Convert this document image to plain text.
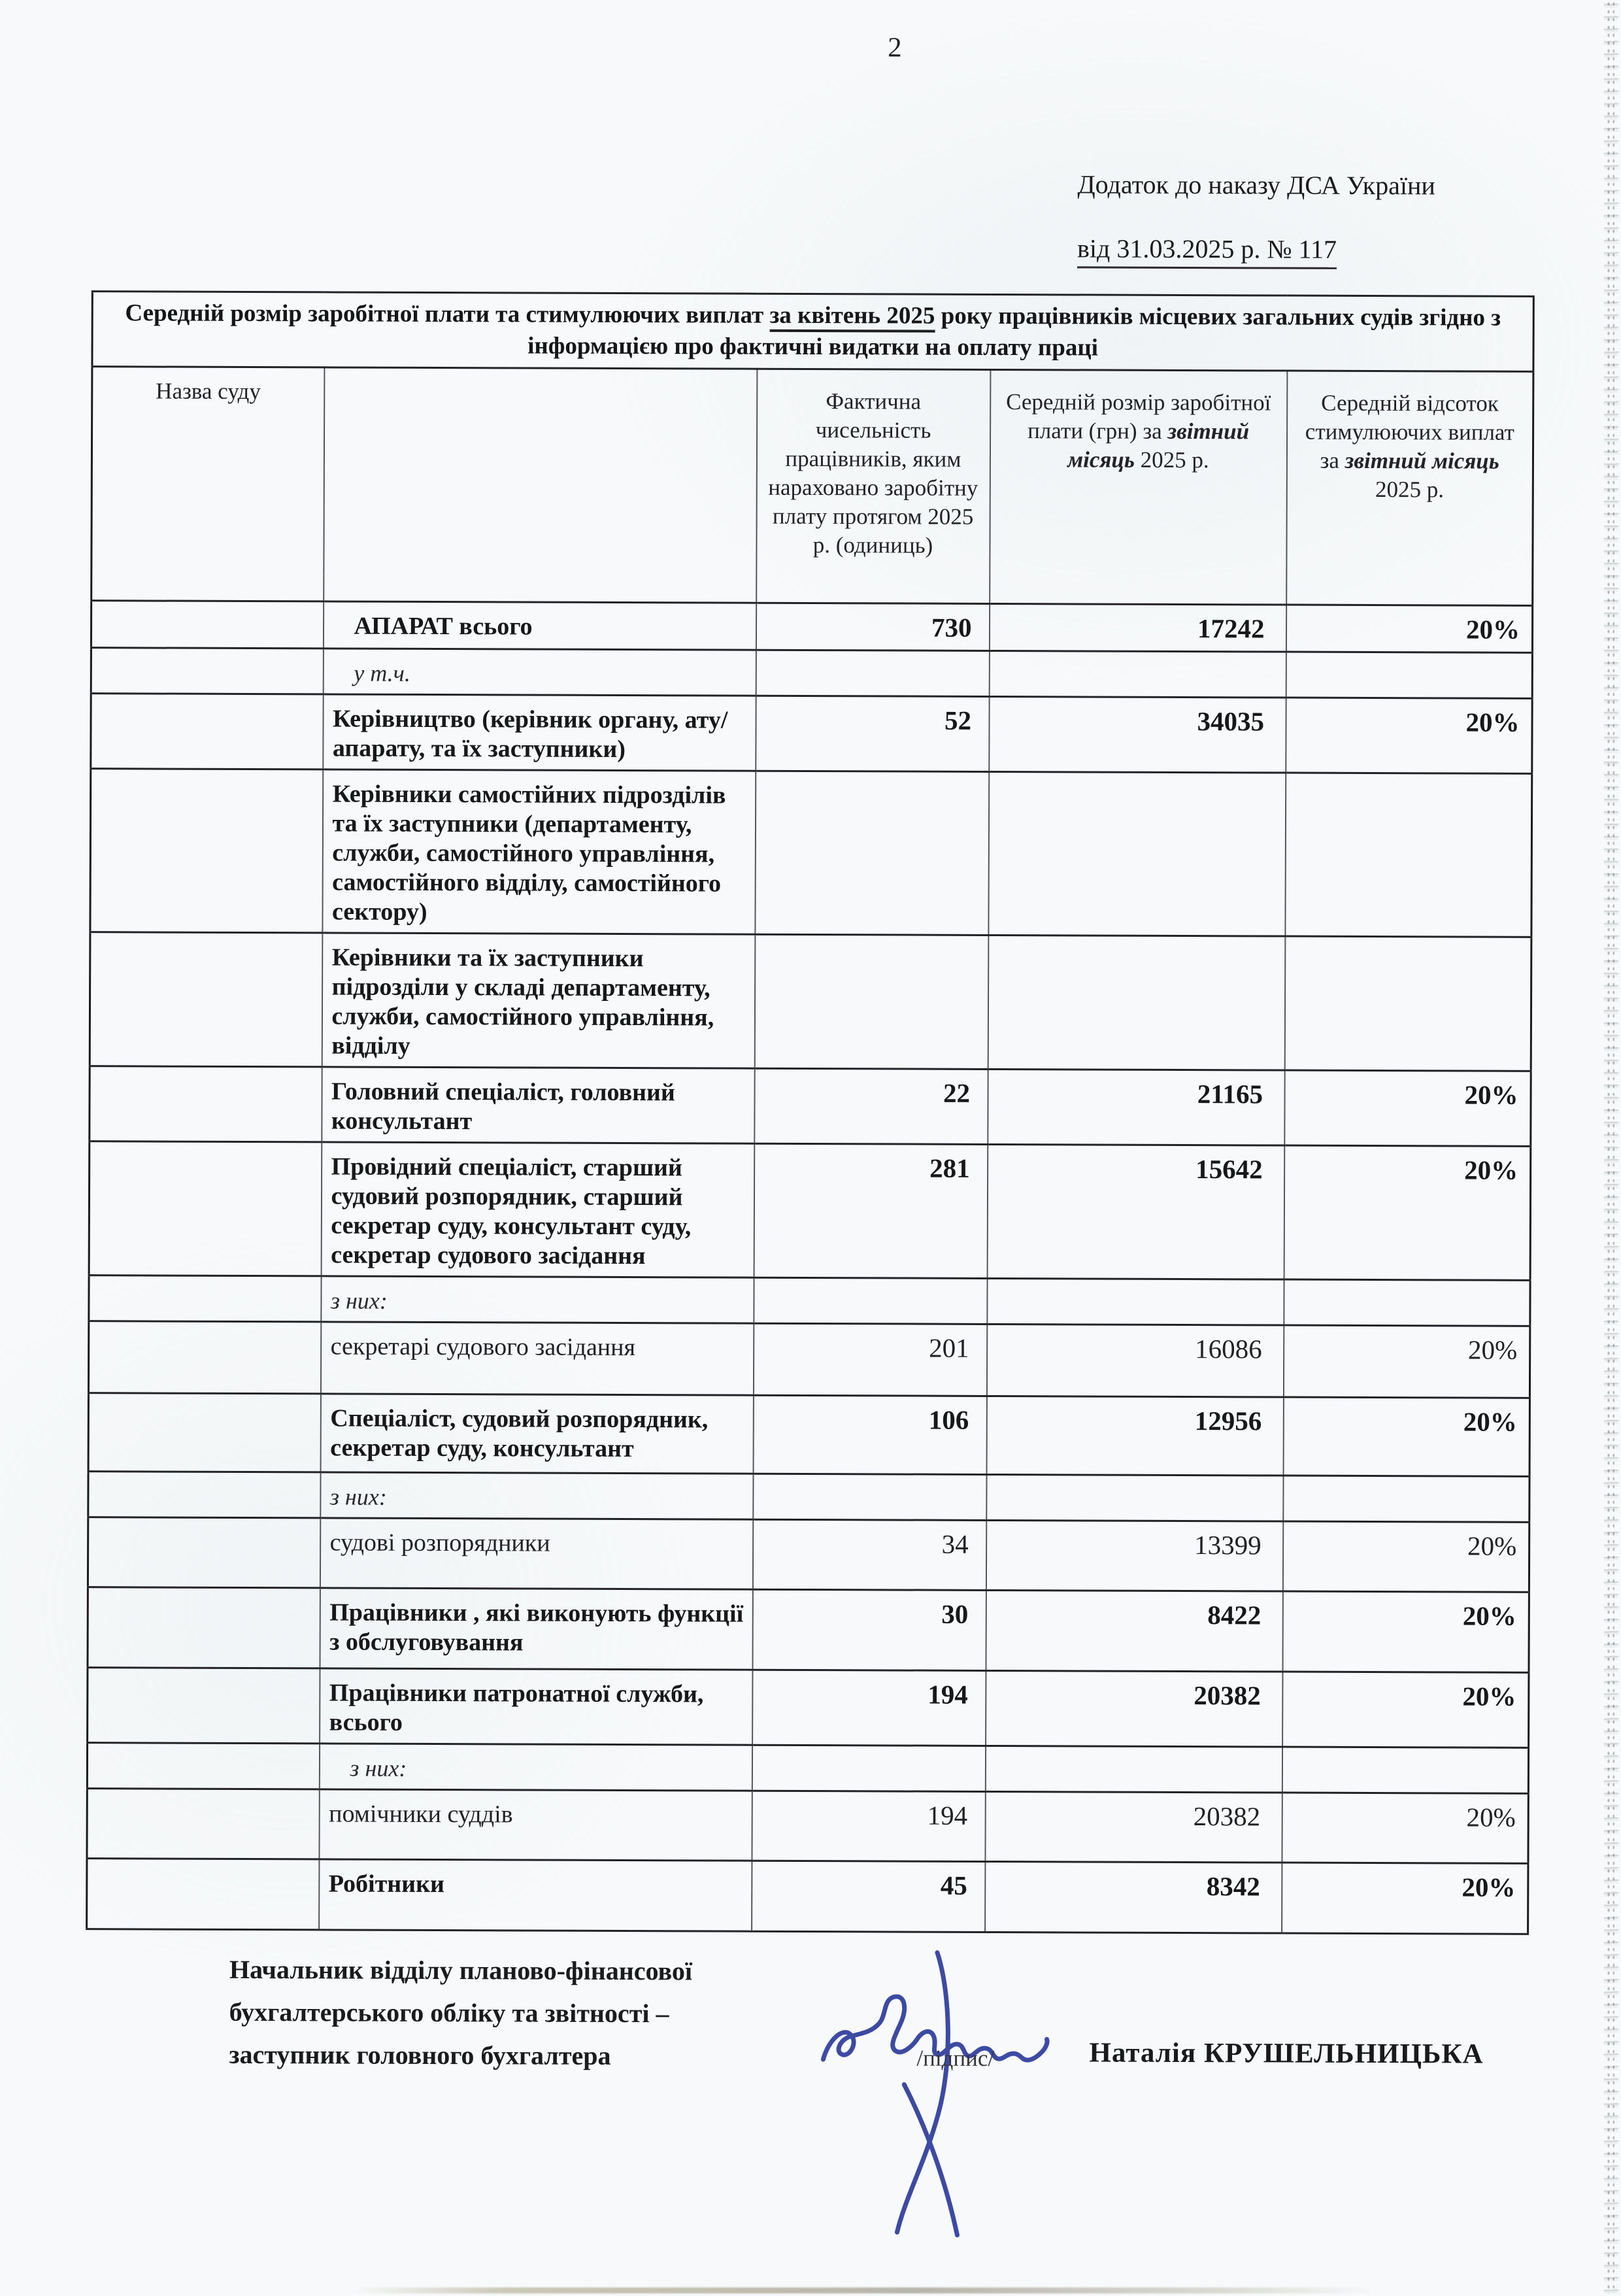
2
Додаток до наказу ДСА України
від 31.03.2025 р. № 117
Середній розмір заробітної плати та стимулюючих виплат за квітень 2025 року працівників місцевих загальних судів згідно з інформацією про фактичні видатки на оплату праці				
Назва суду		Фактична чисельність працівників, яким нараховано заробітну плату протягом 2025 р. (одиниць)	Середній розмір заробітної плати (грн) за звітний місяць 2025 р.	Середній відсоток стимулюючих виплат за звітний місяць 2025 р.
	АПАРАТ всього	730	17242	20%
	у т.ч.			
	Керівництво (керівник органу, ату/апарату, та їх заступники)	52	34035	20%
	Керівники самостійних підрозділів та їх заступники (департаменту, служби, самостійного управління, самостійного відділу, самостійного сектору)			
	Керівники та їх заступники підрозділи у складі департаменту, служби, самостійного управління, відділу			
	Головний спеціаліст, головний консультант	22	21165	20%
	Провідний спеціаліст, старший судовий розпорядник, старший секретар суду, консультант суду, секретар судового засідання	281	15642	20%
	з них:			
	секретарі судового засідання	201	16086	20%
	Спеціаліст, судовий розпорядник, секретар суду, консультант	106	12956	20%
	з них:			
	судові розпорядники	34	13399	20%
	Працівники , які виконують функції з обслуговування	30	8422	20%
	Працівники патронатної служби, всього	194	20382	20%
	з них:			
	помічники суддів	194	20382	20%
	Робітники	45	8342	20%
Начальник відділу планово-фінансової
бухгалтерського обліку та звітності –
заступник головного бухгалтера	/підпис/	Наталія КРУШЕЛЬНИЦЬКА
